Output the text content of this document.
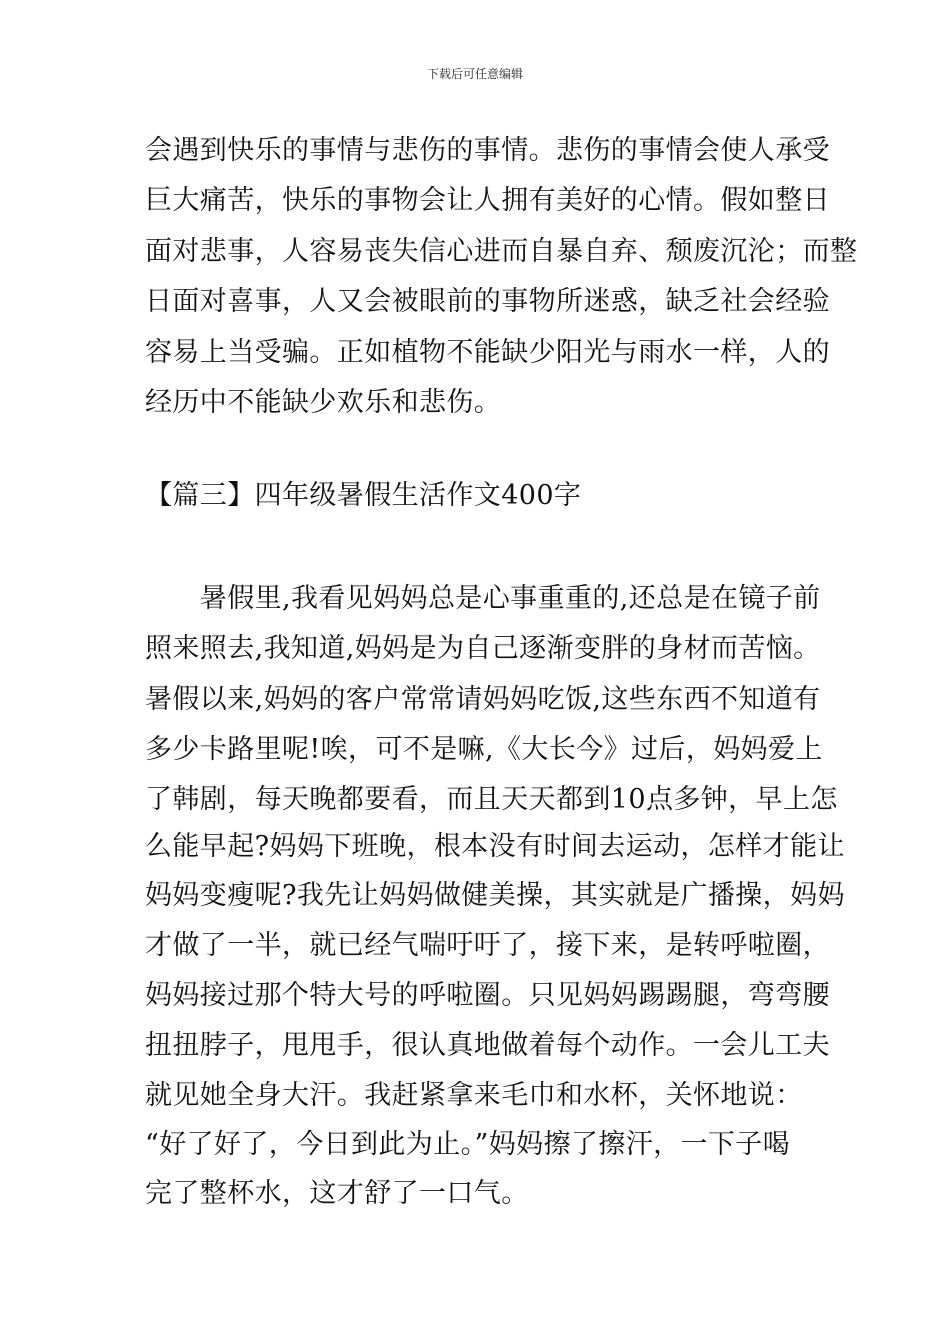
下载后可任意编辑
会遇到快乐的事情与悲伤的事情。悲伤的事情会使人承受
巨大痛苦，快乐的事物会让人拥有美好的心情。假如整日
面对悲事，人容易丧失信心进而自暴自弃、颓废沉沦；而整
日面对喜事，人又会被眼前的事物所迷惑，缺乏社会经验
容易上当受骗。正如植物不能缺少阳光与雨水一样，人的
经历中不能缺少欢乐和悲伤。
【篇三】四年级暑假生活作文400字
　　暑假里,我看见妈妈总是心事重重的,还总是在镜子前
照来照去,我知道,妈妈是为自己逐渐变胖的身材而苦恼。
暑假以来,妈妈的客户常常请妈妈吃饭,这些东西不知道有
多少卡路里呢!唉，可不是嘛,《大长今》过后，妈妈爱上
了韩剧，每天晚都要看，而且天天都到10点多钟，早上怎
么能早起?妈妈下班晚，根本没有时间去运动，怎样才能让
妈妈变瘦呢?我先让妈妈做健美操，其实就是广播操，妈妈
才做了一半，就已经气喘吁吁了，接下来，是转呼啦圈，
妈妈接过那个特大号的呼啦圈。只见妈妈踢踢腿，弯弯腰
扭扭脖子，甩甩手，很认真地做着每个动作。一会儿工夫
就见她全身大汗。我赶紧拿来毛巾和水杯，关怀地说：
“好了好了，今日到此为止。”妈妈擦了擦汗，一下子喝
完了整杯水，这才舒了一口气。
